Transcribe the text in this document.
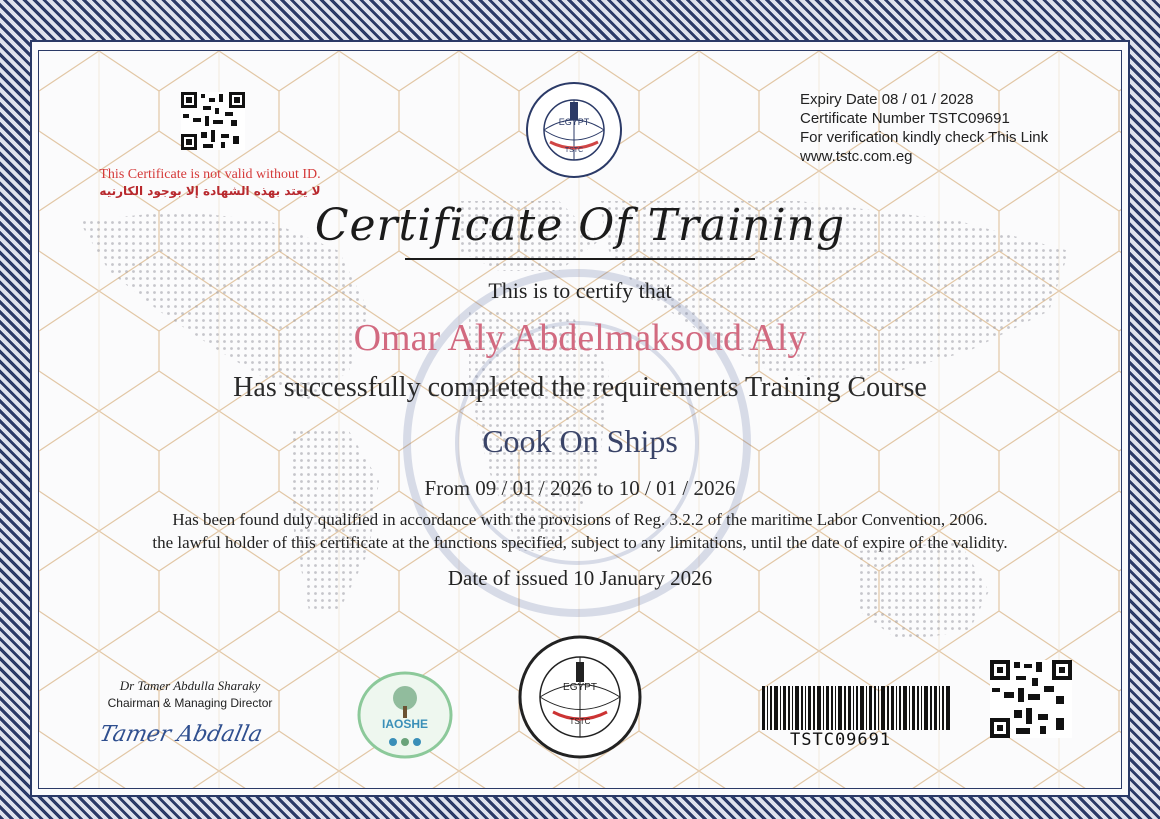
EGYPT
TSTC
This Certificate is not valid without ID.
لا يعتد بهذه الشهادة إلا بوجود الكارنيه
Expiry Date 08 / 01 / 2028
Certificate Number TSTC09691
For verification kindly check This Link
www.tstc.com.eg
Certificate Of Training
This is to certify that
Omar Aly Abdelmaksoud Aly
Has successfully completed the requirements Training Course
Cook On Ships
From 09 / 01 / 2026 to 10 / 01 / 2026
Has been found duly qualified in accordance with the provisions of Reg. 3.2.2 of the maritime Labor Convention, 2006.
the lawful holder of this certificate at the functions specified, subject to any limitations, until the date of expire of the validity.
Date of issued 10 January 2026
Dr Tamer Abdulla Sharaky
Chairman & Managing Director
Tamer Abdalla	IAOSHE
EGYPT
TSTC
TSTC09691
